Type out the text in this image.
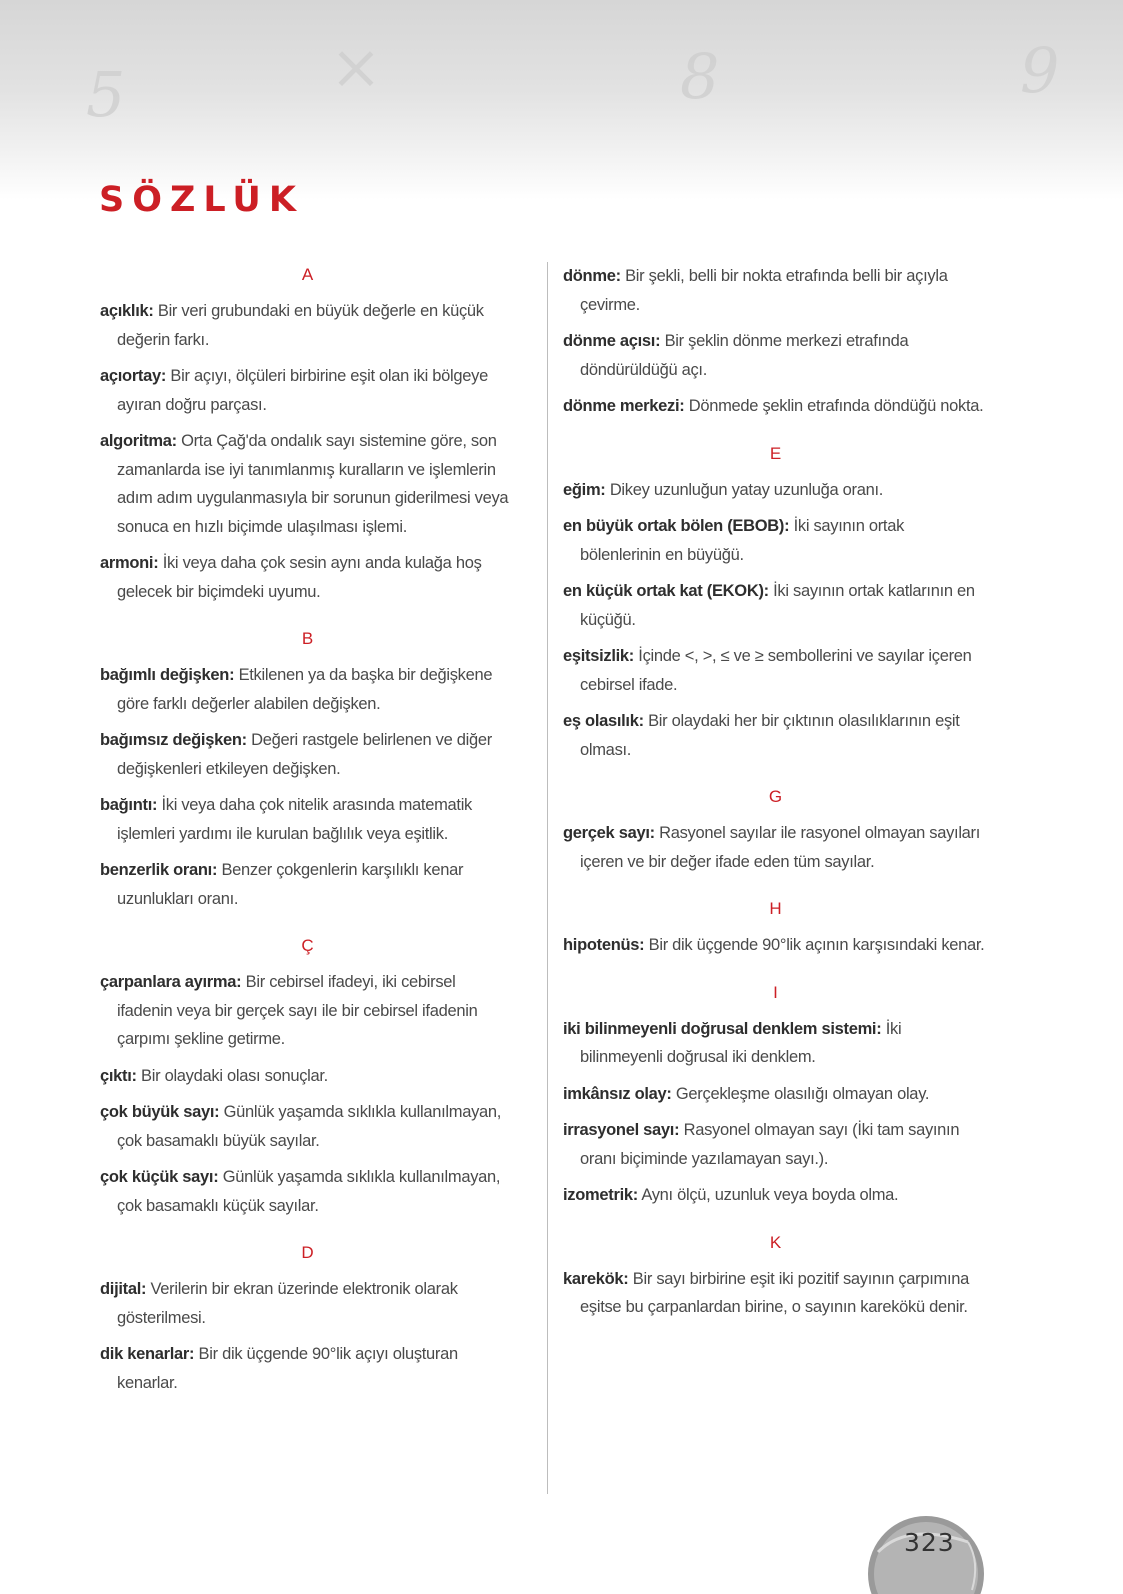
5	×	8	9
SÖZLÜK
A
açıklık: Bir veri grubundaki en büyük değerle en küçük değerin farkı.
açıortay: Bir açıyı, ölçüleri birbirine eşit olan iki bölgeye ayıran doğru parçası.
algoritma: Orta Çağ'da ondalık sayı sistemine göre, son zamanlarda ise iyi tanımlanmış kuralların ve işlemlerin adım adım uygulanmasıyla bir sorunun giderilmesi veya sonuca en hızlı biçimde ulaşılması işlemi.
armoni: İki veya daha çok sesin aynı anda kulağa hoş gelecek bir biçimdeki uyumu.
B
bağımlı değişken: Etkilenen ya da başka bir değişkene göre farklı değerler alabilen değişken.
bağımsız değişken: Değeri rastgele belirlenen ve diğer değişkenleri etkileyen değişken.
bağıntı: İki veya daha çok nitelik arasında matematik işlemleri yardımı ile kurulan bağlılık veya eşitlik.
benzerlik oranı: Benzer çokgenlerin karşılıklı kenar uzunlukları oranı.
Ç
çarpanlara ayırma: Bir cebirsel ifadeyi, iki cebirsel ifadenin veya bir gerçek sayı ile bir cebirsel ifadenin çarpımı şekline getirme.
çıktı: Bir olaydaki olası sonuçlar.
çok büyük sayı: Günlük yaşamda sıklıkla kullanılmayan, çok basamaklı büyük sayılar.
çok küçük sayı: Günlük yaşamda sıklıkla kullanılmayan, çok basamaklı küçük sayılar.
D
dijital: Verilerin bir ekran üzerinde elektronik olarak gösterilmesi.
dik kenarlar: Bir dik üçgende 90°lik açıyı oluşturan kenarlar.
dönme: Bir şekli, belli bir nokta etrafında belli bir açıyla çevirme.
dönme açısı: Bir şeklin dönme merkezi etrafında döndürüldüğü açı.
dönme merkezi: Dönmede şeklin etrafında döndüğü nokta.
E
eğim: Dikey uzunluğun yatay uzunluğa oranı.
en büyük ortak bölen (EBOB): İki sayının ortak bölenlerinin en büyüğü.
en küçük ortak kat (EKOK): İki sayının ortak katlarının en küçüğü.
eşitsizlik: İçinde <, >, ≤ ve ≥ sembollerini ve sayılar içeren cebirsel ifade.
eş olasılık: Bir olaydaki her bir çıktının olasılıklarının eşit olması.
G
gerçek sayı: Rasyonel sayılar ile rasyonel olmayan sayıları içeren ve bir değer ifade eden tüm sayılar.
H
hipotenüs: Bir dik üçgende 90°lik açının karşısındaki kenar.
I
iki bilinmeyenli doğrusal denklem sistemi: İki bilinmeyenli doğrusal iki denklem.
imkânsız olay: Gerçekleşme olasılığı olmayan olay.
irrasyonel sayı: Rasyonel olmayan sayı (İki tam sayının oranı biçiminde yazılamayan sayı.).
izometrik: Aynı ölçü, uzunluk veya boyda olma.
K
karekök: Bir sayı birbirine eşit iki pozitif sayının çarpımına eşitse bu çarpanlardan birine, o sayının karekökü denir.
323
